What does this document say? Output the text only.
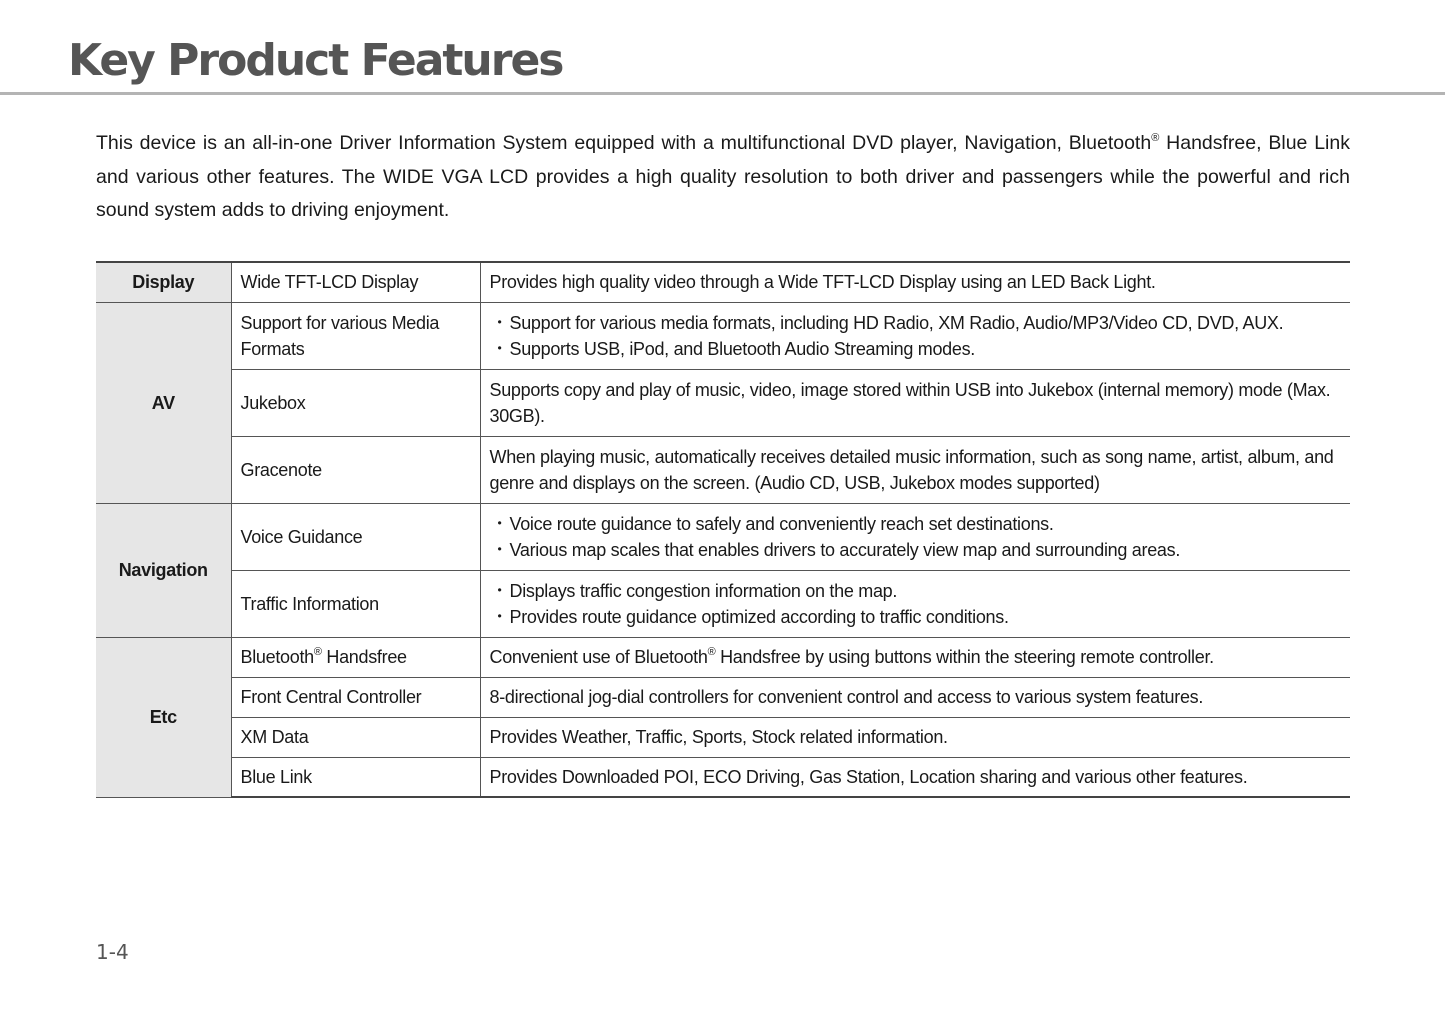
Key Product Features

This device is an all-in-one Driver Information System equipped with a multifunctional DVD player, Navigation, Bluetooth® Handsfree, Blue Link and various other features. The WIDE VGA LCD provides a high quality resolution to both driver and passengers while the powerful and rich sound system adds to driving enjoyment.

Display	Wide TFT-LCD Display	Provides high quality video through a Wide TFT-LCD Display using an LED Back Light.
AV	Support for various Media Formats	・ Support for various media formats, including HD Radio, XM Radio, Audio/MP3/Video CD, DVD, AUX.
・ Supports USB, iPod, and Bluetooth Audio Streaming modes.

	Jukebox	Supports copy and play of music, video, image stored within USB into Jukebox (internal memory) mode (Max. 30GB).
	Gracenote	When playing music, automatically receives detailed music information, such as song name, artist, album, and genre and displays on the screen. (Audio CD, USB, Jukebox modes supported)
Navigation	Voice Guidance	・ Voice route guidance to safely and conveniently reach set destinations.
・ Various map scales that enables drivers to accurately view map and surrounding areas.

	Traffic Information	・ Displays traffic congestion information on the map.
・ Provides route guidance optimized according to traffic conditions.

Etc	Bluetooth® Handsfree	Convenient use of Bluetooth® Handsfree by using buttons within the steering remote controller.
	Front Central Controller	8-directional jog-dial controllers for convenient control and access to various system features.
	XM Data	Provides Weather, Traffic, Sports, Stock related information.
	Blue Link	Provides Downloaded POI, ECO Driving, Gas Station, Location sharing and various other features.

1-4
